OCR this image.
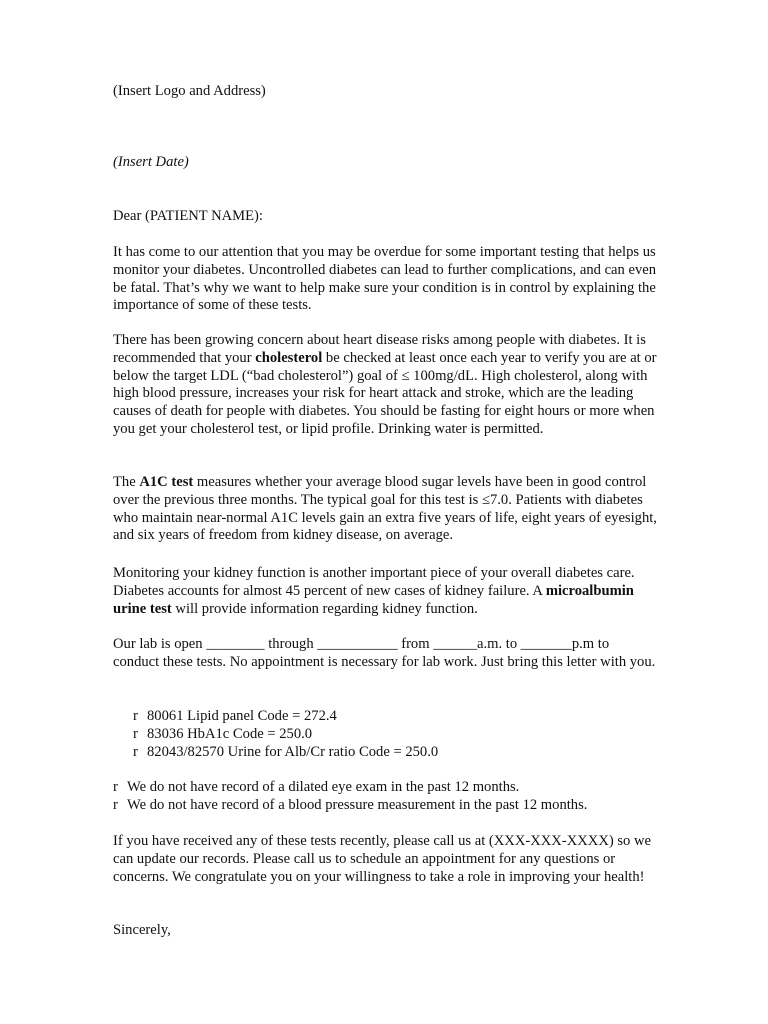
(Insert Logo and Address)

(Insert Date)

Dear (PATIENT NAME):

It has come to our attention that you may be overdue for some important testing that helps us monitor your diabetes. Uncontrolled diabetes can lead to further complications, and can even be fatal. That’s why we want to help make sure your condition is in control by explaining the importance of some of these tests.

There has been growing concern about heart disease risks among people with diabetes. It is recommended that your cholesterol be checked at least once each year to verify you are at or below the target LDL (“bad cholesterol”) goal of ≤ 100mg/dL. High cholesterol, along with high blood pressure, increases your risk for heart attack and stroke, which are the leading causes of death for people with diabetes. You should be fasting for eight hours or more when you get your cholesterol test, or lipid profile. Drinking water is permitted.

The A1C test measures whether your average blood sugar levels have been in good control over the previous three months. The typical goal for this test is ≤7.0. Patients with diabetes who maintain near-normal A1C levels gain an extra five years of life, eight years of eyesight, and six years of freedom from kidney disease, on average.

Monitoring your kidney function is another important piece of your overall diabetes care. Diabetes accounts for almost 45 percent of new cases of kidney failure. A microalbumin urine test will provide information regarding kidney function.

Our lab is open ________ through ___________ from ______a.m. to _______p.m to conduct these tests. No appointment is necessary for lab work. Just bring this letter with you.

r 80061 Lipid panel Code = 272.4
r 83036 HbA1c Code = 250.0
r 82043/82570 Urine for Alb/Cr ratio Code = 250.0
r We do not have record of a dilated eye exam in the past 12 months.
r We do not have record of a blood pressure measurement in the past 12 months.

If you have received any of these tests recently, please call us at (XXX-XXX-XXXX) so we can update our records. Please call us to schedule an appointment for any questions or concerns. We congratulate you on your willingness to take a role in improving your health!

Sincerely,
